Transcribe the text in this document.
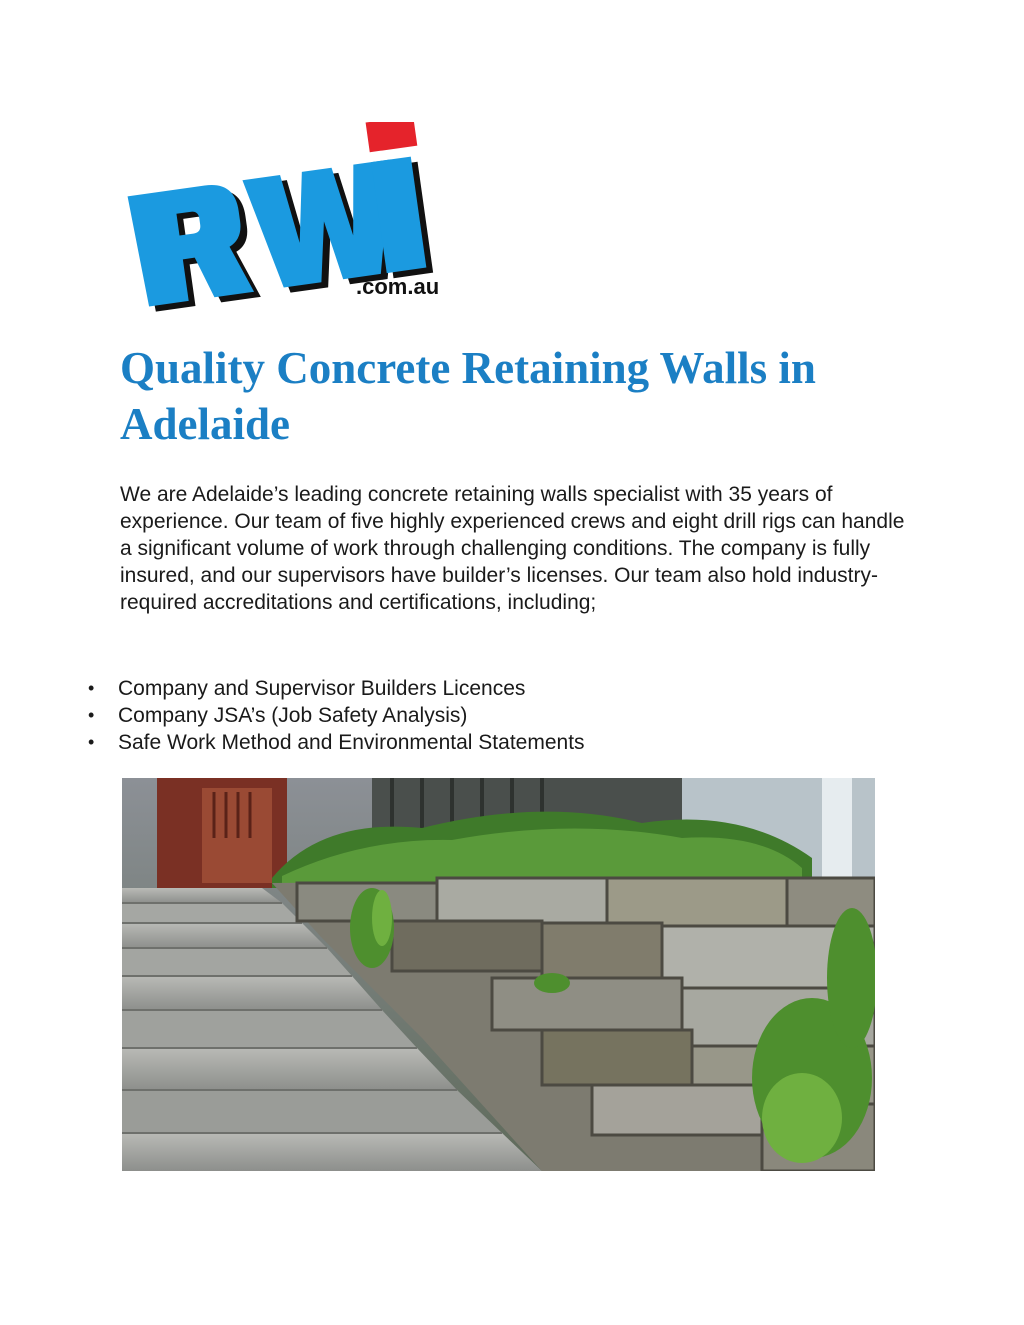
.com.au
Quality Concrete Retaining Walls in Adelaide

We are Adelaide’s leading concrete retaining walls specialist with 35 years of experience. Our team of five highly experienced crews and eight drill rigs can handle a significant volume of work through challenging conditions. The company is fully insured, and our supervisors have builder’s licenses. Our team also hold industry-required accreditations and certifications, including;

• Company and Supervisor Builders Licences
• Company JSA’s (Job Safety Analysis)
• Safe Work Method and Environmental Statements
